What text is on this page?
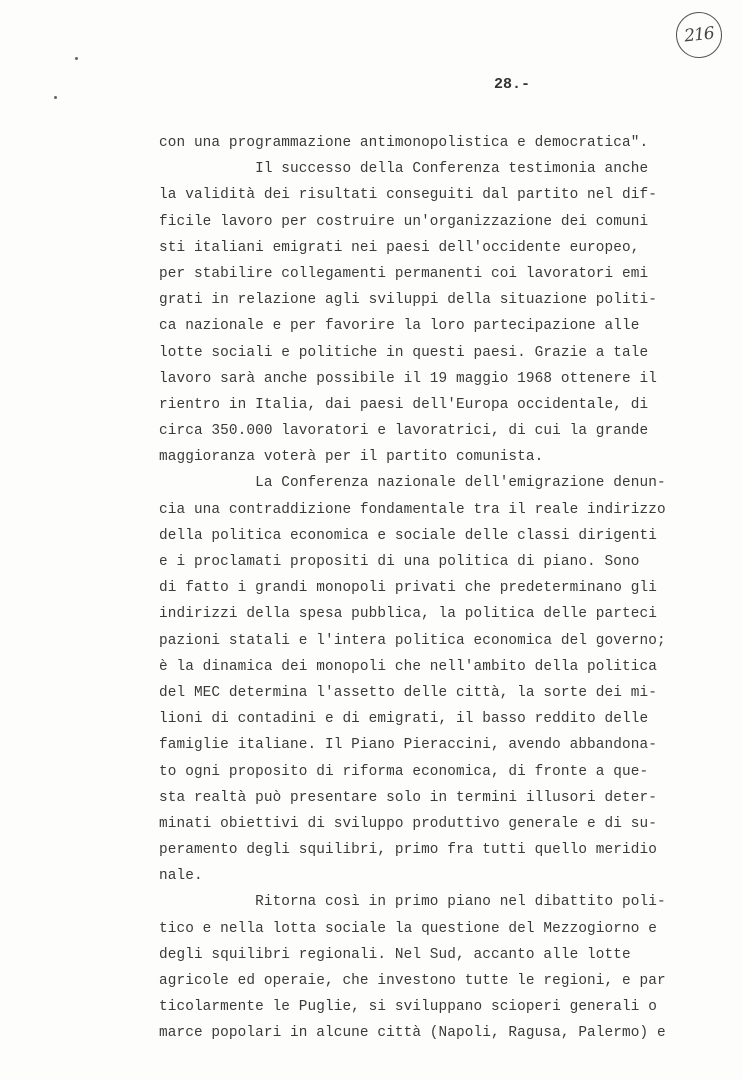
216
28.-
con una programmazione antimonopolistica e democratica".
Il successo della Conferenza testimonia anche
la validità dei risultati conseguiti dal partito nel dif-
ficile lavoro per costruire un'organizzazione dei comuni
sti italiani emigrati nei paesi dell'occidente europeo,
per stabilire collegamenti permanenti coi lavoratori emi
grati in relazione agli sviluppi della situazione politi-
ca nazionale e per favorire la loro partecipazione alle
lotte sociali e politiche in questi paesi. Grazie a tale
lavoro sarà anche possibile il 19 maggio 1968 ottenere il
rientro in Italia, dai paesi dell'Europa occidentale, di
circa 350.000 lavoratori e lavoratrici, di cui la grande
maggioranza voterà per il partito comunista.
La Conferenza nazionale dell'emigrazione denun-
cia una contraddizione fondamentale tra il reale indirizzo
della politica economica e sociale delle classi dirigenti
e i proclamati propositi di una politica di piano. Sono
di fatto i grandi monopoli privati che predeterminano gli
indirizzi della spesa pubblica, la politica delle parteci
pazioni statali e l'intera politica economica del governo;
è la dinamica dei monopoli che nell'ambito della politica
del MEC determina l'assetto delle città, la sorte dei mi-
lioni di contadini e di emigrati, il basso reddito delle
famiglie italiane. Il Piano Pieraccini, avendo abbandona-
to ogni proposito di riforma economica, di fronte a que-
sta realtà può presentare solo in termini illusori deter-
minati obiettivi di sviluppo produttivo generale e di su-
peramento degli squilibri, primo fra tutti quello meridio
nale.
Ritorna così in primo piano nel dibattito poli-
tico e nella lotta sociale la questione del Mezzogiorno e
degli squilibri regionali. Nel Sud, accanto alle lotte
agricole ed operaie, che investono tutte le regioni, e par
ticolarmente le Puglie, si sviluppano scioperi generali o
marce popolari in alcune città (Napoli, Ragusa, Palermo) e
